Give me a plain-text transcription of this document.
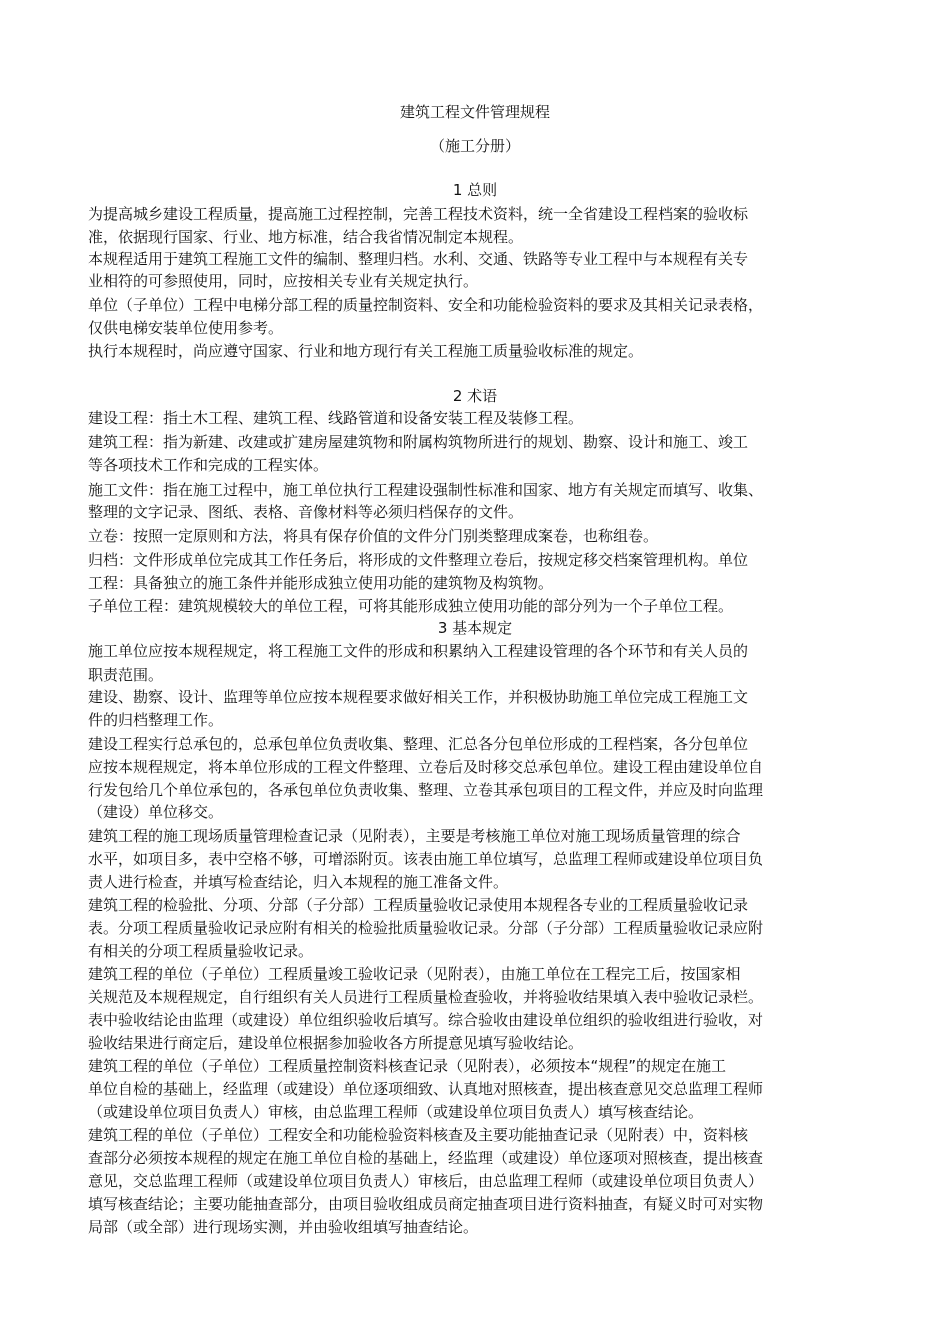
建筑工程文件管理规程
（施工分册）
1 总则
为提高城乡建设工程质量，提高施工过程控制，完善工程技术资料，统一全省建设工程档案的验收标
准，依据现行国家、行业、地方标准，结合我省情况制定本规程。
本规程适用于建筑工程施工文件的编制、整理归档。水利、交通、铁路等专业工程中与本规程有关专
业相符的可参照使用，同时，应按相关专业有关规定执行。
单位（子单位）工程中电梯分部工程的质量控制资料、安全和功能检验资料的要求及其相关记录表格，
仅供电梯安装单位使用参考。
执行本规程时，尚应遵守国家、行业和地方现行有关工程施工质量验收标准的规定。
2 术语
建设工程：指土木工程、建筑工程、线路管道和设备安装工程及装修工程。
建筑工程：指为新建、改建或扩建房屋建筑物和附属构筑物所进行的规划、勘察、设计和施工、竣工
等各项技术工作和完成的工程实体。
施工文件：指在施工过程中，施工单位执行工程建设强制性标准和国家、地方有关规定而填写、收集、
整理的文字记录、图纸、表格、音像材料等必须归档保存的文件。
立卷：按照一定原则和方法，将具有保存价值的文件分门别类整理成案卷，也称组卷。
归档：文件形成单位完成其工作任务后，将形成的文件整理立卷后，按规定移交档案管理机构。单位
工程：具备独立的施工条件并能形成独立使用功能的建筑物及构筑物。
子单位工程：建筑规模较大的单位工程，可将其能形成独立使用功能的部分列为一个子单位工程。
3 基本规定
施工单位应按本规程规定，将工程施工文件的形成和积累纳入工程建设管理的各个环节和有关人员的
职责范围。
建设、勘察、设计、监理等单位应按本规程要求做好相关工作，并积极协助施工单位完成工程施工文
件的归档整理工作。
建设工程实行总承包的，总承包单位负责收集、整理、汇总各分包单位形成的工程档案，各分包单位
应按本规程规定，将本单位形成的工程文件整理、立卷后及时移交总承包单位。建设工程由建设单位自
行发包给几个单位承包的，各承包单位负责收集、整理、立卷其承包项目的工程文件，并应及时向监理
（建设）单位移交。
建筑工程的施工现场质量管理检查记录（见附表），主要是考核施工单位对施工现场质量管理的综合
水平，如项目多，表中空格不够，可增添附页。该表由施工单位填写，总监理工程师或建设单位项目负
责人进行检查，并填写检查结论，归入本规程的施工准备文件。
建筑工程的检验批、分项、分部（子分部）工程质量验收记录使用本规程各专业的工程质量验收记录
表。分项工程质量验收记录应附有相关的检验批质量验收记录。分部（子分部）工程质量验收记录应附
有相关的分项工程质量验收记录。
建筑工程的单位（子单位）工程质量竣工验收记录（见附表），由施工单位在工程完工后，按国家相
关规范及本规程规定，自行组织有关人员进行工程质量检查验收，并将验收结果填入表中验收记录栏。
表中验收结论由监理（或建设）单位组织验收后填写。综合验收由建设单位组织的验收组进行验收，对
验收结果进行商定后，建设单位根据参加验收各方所提意见填写验收结论。
建筑工程的单位（子单位）工程质量控制资料核查记录（见附表），必须按本“规程”的规定在施工
单位自检的基础上，经监理（或建设）单位逐项细致、认真地对照核查，提出核查意见交总监理工程师
（或建设单位项目负责人）审核，由总监理工程师（或建设单位项目负责人）填写核查结论。
建筑工程的单位（子单位）工程安全和功能检验资料核查及主要功能抽查记录（见附表）中，资料核
查部分必须按本规程的规定在施工单位自检的基础上，经监理（或建设）单位逐项对照核查，提出核查
意见，交总监理工程师（或建设单位项目负责人）审核后，由总监理工程师（或建设单位项目负责人）
填写核查结论；主要功能抽查部分，由项目验收组成员商定抽查项目进行资料抽查，有疑义时可对实物
局部（或全部）进行现场实测，并由验收组填写抽查结论。
